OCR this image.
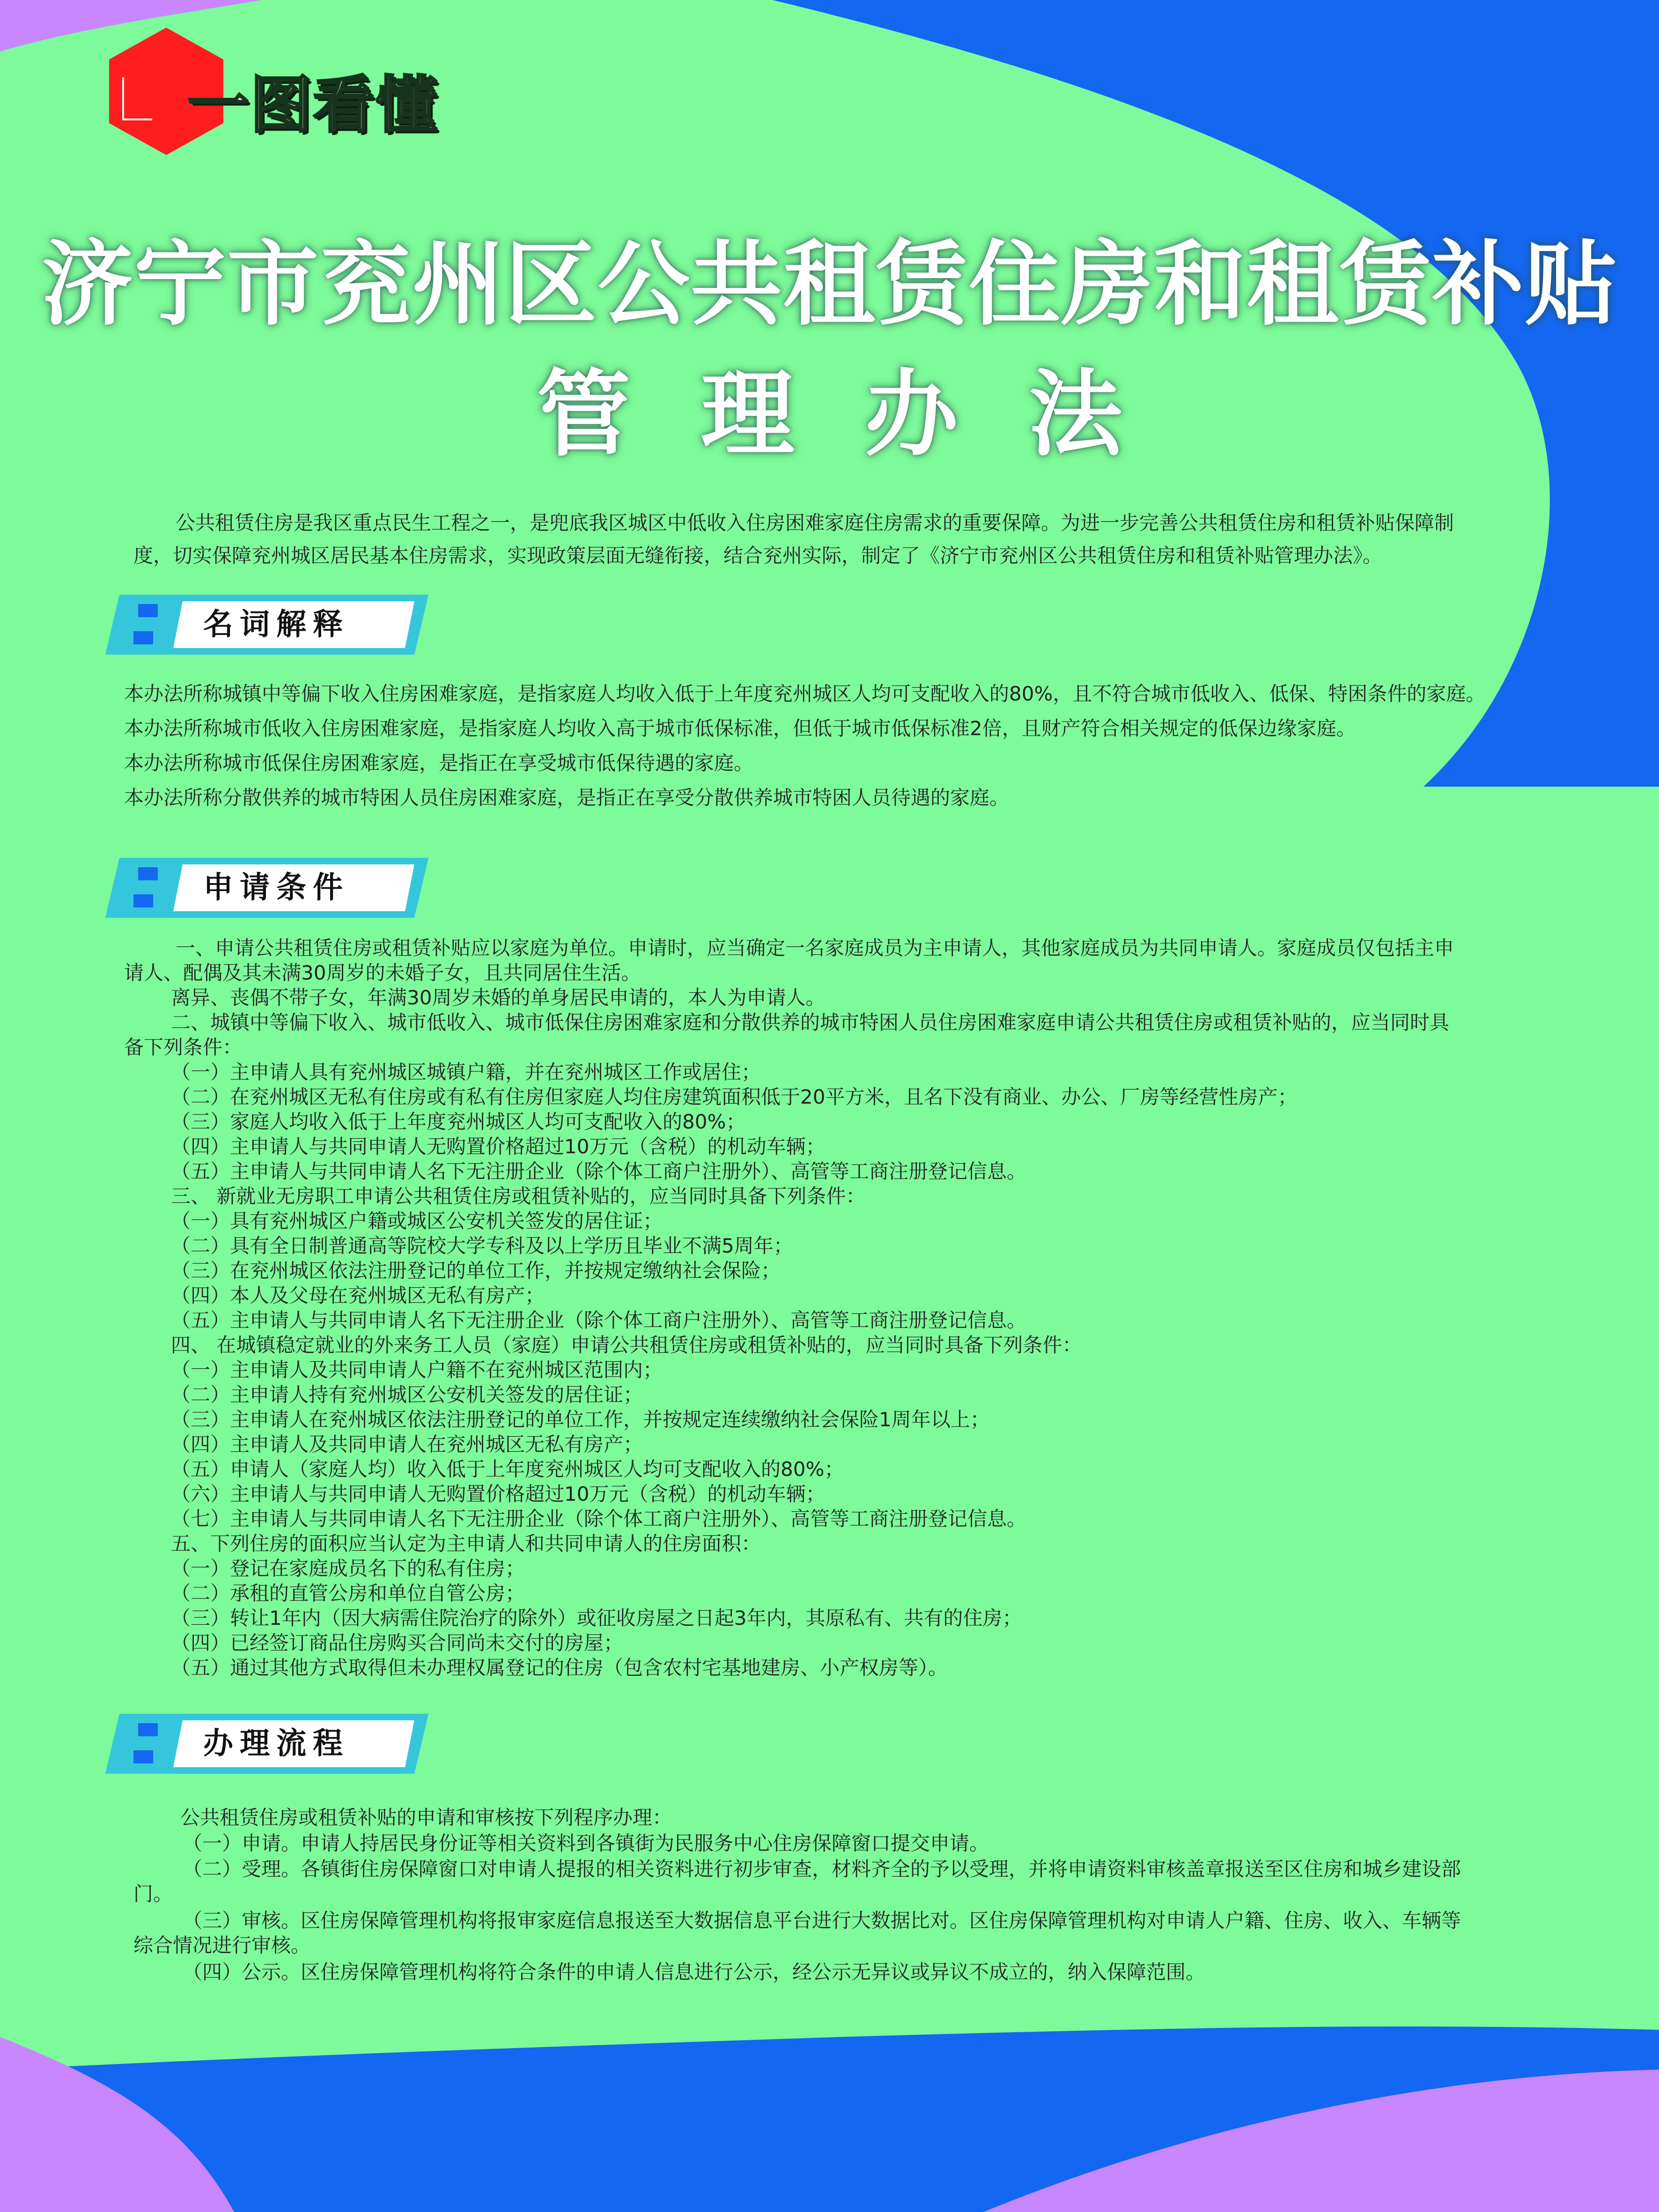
一图看懂
济宁市兖州区公共租赁住房和租赁补贴
管理办法
公共租赁住房是我区重点民生工程之一，是兜底我区城区中低收入住房困难家庭住房需求的重要保障。为进一步完善公共租赁住房和租赁补贴保障制
度，切实保障兖州城区居民基本住房需求，实现政策层面无缝衔接，结合兖州实际，制定了《济宁市兖州区公共租赁住房和租赁补贴管理办法》。
名词解释
本办法所称城镇中等偏下收入住房困难家庭，是指家庭人均收入低于上年度兖州城区人均可支配收入的80%，且不符合城市低收入、低保、特困条件的家庭。
本办法所称城市低收入住房困难家庭，是指家庭人均收入高于城市低保标准，但低于城市低保标准2倍，且财产符合相关规定的低保边缘家庭。
本办法所称城市低保住房困难家庭，是指正在享受城市低保待遇的家庭。
本办法所称分散供养的城市特困人员住房困难家庭，是指正在享受分散供养城市特困人员待遇的家庭。
申请条件
一、申请公共租赁住房或租赁补贴应以家庭为单位。申请时，应当确定一名家庭成员为主申请人，其他家庭成员为共同申请人。家庭成员仅包括主申
请人、配偶及其未满30周岁的未婚子女，且共同居住生活。
离异、丧偶不带子女，年满30周岁未婚的单身居民申请的，本人为申请人。
二、城镇中等偏下收入、城市低收入、城市低保住房困难家庭和分散供养的城市特困人员住房困难家庭申请公共租赁住房或租赁补贴的，应当同时具
备下列条件：
（一）主申请人具有兖州城区城镇户籍，并在兖州城区工作或居住；
（二）在兖州城区无私有住房或有私有住房但家庭人均住房建筑面积低于20平方米，且名下没有商业、办公、厂房等经营性房产；
（三）家庭人均收入低于上年度兖州城区人均可支配收入的80%；
（四）主申请人与共同申请人无购置价格超过10万元（含税）的机动车辆；
（五）主申请人与共同申请人名下无注册企业（除个体工商户注册外）、高管等工商注册登记信息。
三、 新就业无房职工申请公共租赁住房或租赁补贴的，应当同时具备下列条件：
（一）具有兖州城区户籍或城区公安机关签发的居住证；
（二）具有全日制普通高等院校大学专科及以上学历且毕业不满5周年；
（三）在兖州城区依法注册登记的单位工作，并按规定缴纳社会保险；
（四）本人及父母在兖州城区无私有房产；
（五）主申请人与共同申请人名下无注册企业（除个体工商户注册外）、高管等工商注册登记信息。
四、 在城镇稳定就业的外来务工人员（家庭）申请公共租赁住房或租赁补贴的，应当同时具备下列条件：
（一）主申请人及共同申请人户籍不在兖州城区范围内；
（二）主申请人持有兖州城区公安机关签发的居住证；
（三）主申请人在兖州城区依法注册登记的单位工作，并按规定连续缴纳社会保险1周年以上；
（四）主申请人及共同申请人在兖州城区无私有房产；
（五）申请人（家庭人均）收入低于上年度兖州城区人均可支配收入的80%；
（六）主申请人与共同申请人无购置价格超过10万元（含税）的机动车辆；
（七）主申请人与共同申请人名下无注册企业（除个体工商户注册外）、高管等工商注册登记信息。
五、下列住房的面积应当认定为主申请人和共同申请人的住房面积：
（一）登记在家庭成员名下的私有住房；
（二）承租的直管公房和单位自管公房；
（三）转让1年内（因大病需住院治疗的除外）或征收房屋之日起3年内，其原私有、共有的住房；
（四）已经签订商品住房购买合同尚未交付的房屋；
（五）通过其他方式取得但未办理权属登记的住房（包含农村宅基地建房、小产权房等）。
办理流程
公共租赁住房或租赁补贴的申请和审核按下列程序办理：
（一）申请。申请人持居民身份证等相关资料到各镇街为民服务中心住房保障窗口提交申请。
（二）受理。各镇街住房保障窗口对申请人提报的相关资料进行初步审查，材料齐全的予以受理，并将申请资料审核盖章报送至区住房和城乡建设部
门。
（三）审核。区住房保障管理机构将报审家庭信息报送至大数据信息平台进行大数据比对。区住房保障管理机构对申请人户籍、住房、收入、车辆等
综合情况进行审核。
（四）公示。区住房保障管理机构将符合条件的申请人信息进行公示，经公示无异议或异议不成立的，纳入保障范围。
